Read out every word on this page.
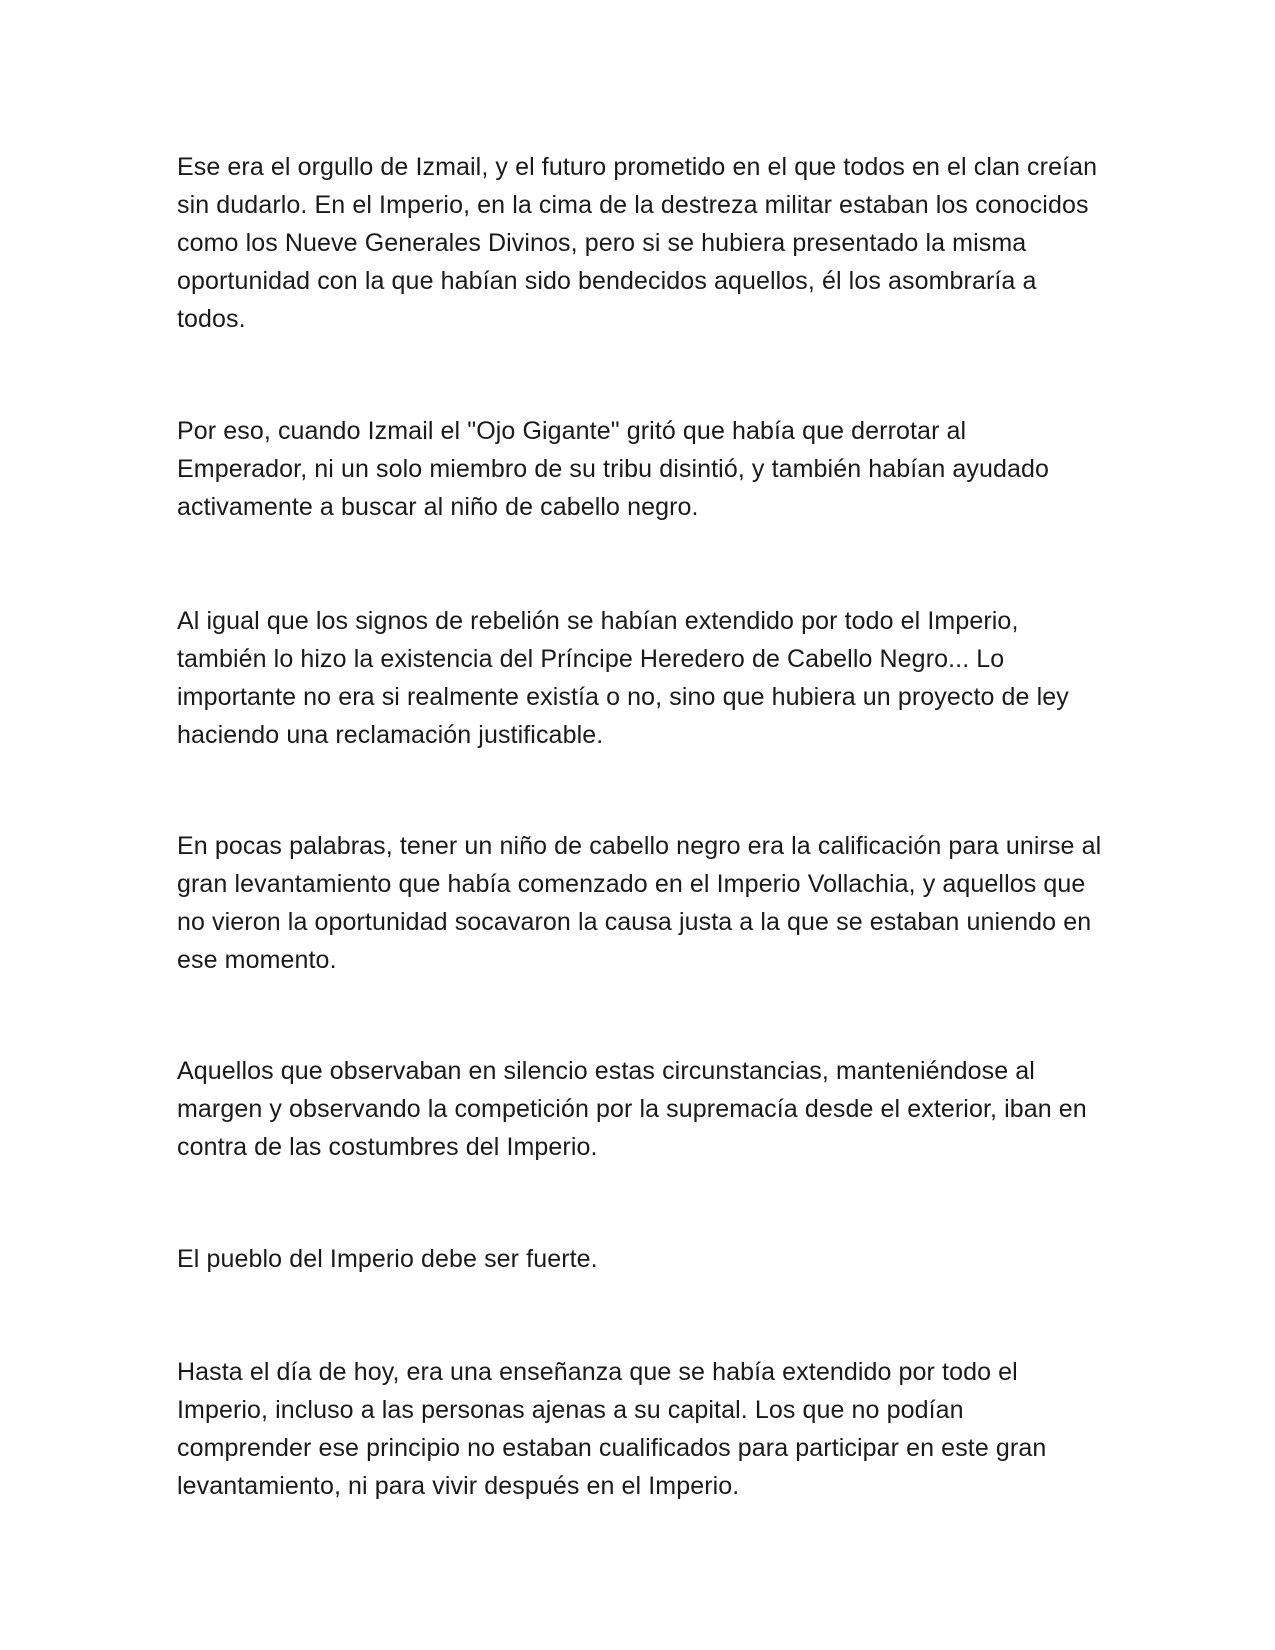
Ese era el orgullo de Izmail, y el futuro prometido en el que todos en el clan creían sin dudarlo. En el Imperio, en la cima de la destreza militar estaban los conocidos como los Nueve Generales Divinos, pero si se hubiera presentado la misma oportunidad con la que habían sido bendecidos aquellos, él los asombraría a todos.

Por eso, cuando Izmail el "Ojo Gigante" gritó que había que derrotar al Emperador, ni un solo miembro de su tribu disintió, y también habían ayudado activamente a buscar al niño de cabello negro.

Al igual que los signos de rebelión se habían extendido por todo el Imperio, también lo hizo la existencia del Príncipe Heredero de Cabello Negro... Lo importante no era si realmente existía o no, sino que hubiera un proyecto de ley haciendo una reclamación justificable.

En pocas palabras, tener un niño de cabello negro era la calificación para unirse al gran levantamiento que había comenzado en el Imperio Vollachia, y aquellos que no vieron la oportunidad socavaron la causa justa a la que se estaban uniendo en ese momento.

Aquellos que observaban en silencio estas circunstancias, manteniéndose al margen y observando la competición por la supremacía desde el exterior, iban en contra de las costumbres del Imperio.

El pueblo del Imperio debe ser fuerte.

Hasta el día de hoy, era una enseñanza que se había extendido por todo el Imperio, incluso a las personas ajenas a su capital. Los que no podían comprender ese principio no estaban cualificados para participar en este gran levantamiento, ni para vivir después en el Imperio.
